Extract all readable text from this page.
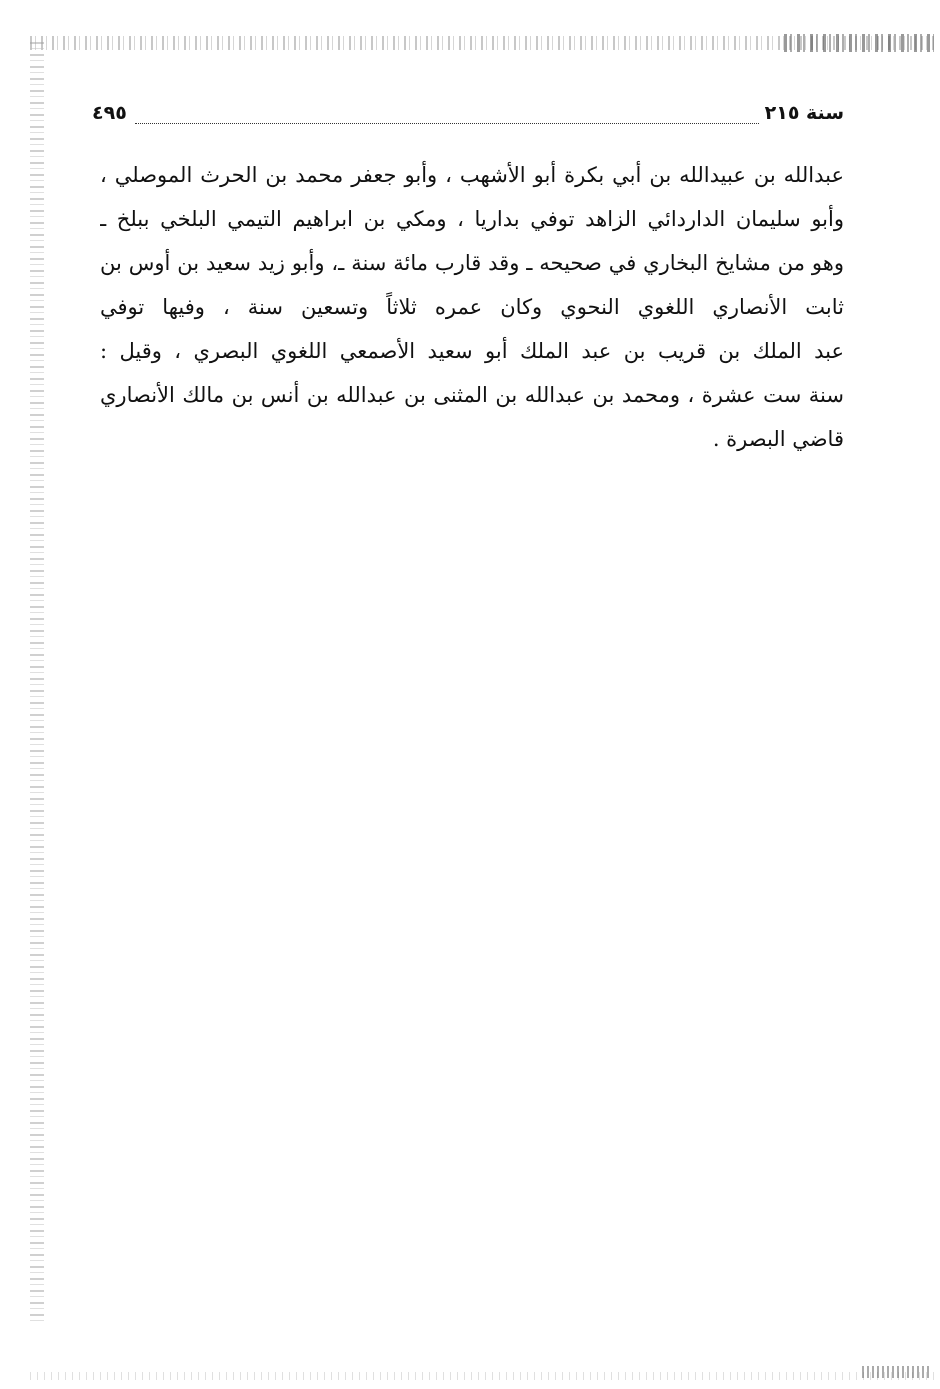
سنة ٢١٥
٤٩٥
عبدالله بن عبيدالله بن أبي بكرة أبو الأشهب ، وأبو جعفر محمد بن الحرث الموصلي ،
وأبو سليمان الداردائي الزاهد توفي بداريا ، ومكي بن ابراهيم التيمي البلخي ببلخ ـ
وهو من مشايخ البخاري في صحيحه ـ وقد قارب مائة سنة ـ، وأبو زيد سعيد بن أوس بن
ثابت الأنصاري اللغوي النحوي وكان عمره ثلاثاً وتسعين سنة ، وفيها توفي
عبد الملك بن قريب بن عبد الملك أبو سعيد الأصمعي اللغوي البصري ، وقيل :
سنة ست عشرة ، ومحمد بن عبدالله بن المثنى بن عبدالله بن أنس بن مالك الأنصاري
قاضي البصرة .
